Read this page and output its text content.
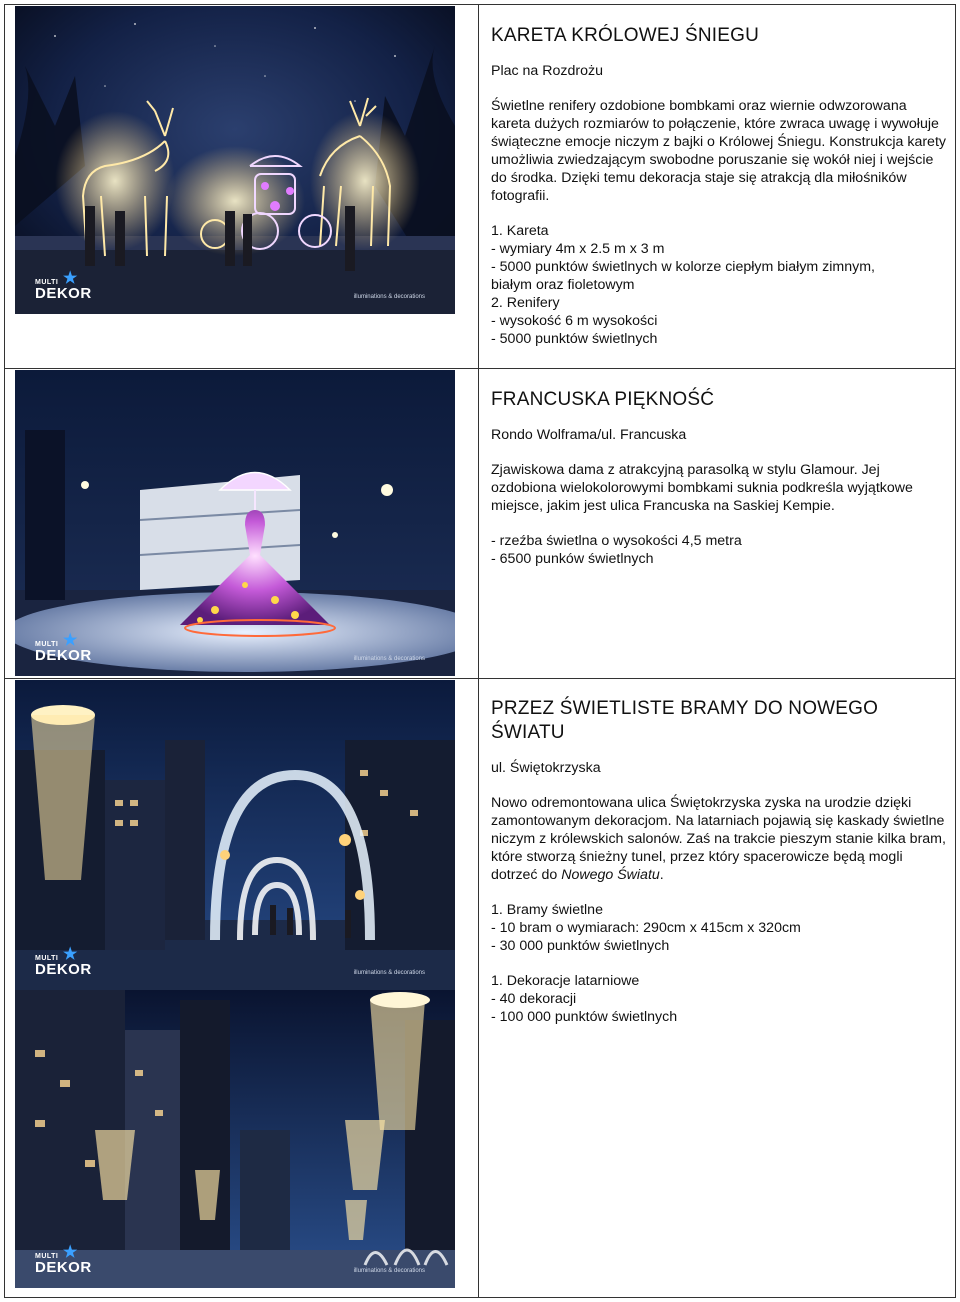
MULTI
DEKOR
★
illuminations & decorations
MULTI
DEKOR
★
illuminations & decorations
MULTI
DEKOR
★
illuminations & decorations
MULTI
DEKOR
★
illuminations & decorations
KARETA KRÓLOWEJ ŚNIEGU

Plac na Rozdrożu

Świetlne renifery ozdobione bombkami oraz wiernie odwzorowana kareta dużych rozmiarów to połączenie, które zwraca uwagę i wywołuje świąteczne emocje niczym z bajki o Królowej Śniegu. Konstrukcja karety umożliwia zwiedzającym swobodne poruszanie się wokół niej i wejście do środka. Dzięki temu dekoracja staje się atrakcją dla miłośników fotografii.

1. Kareta
- wymiary 4m x 2.5 m x 3 m
- 5000 punktów świetlnych w kolorze ciepłym białym zimnym,
białym oraz fioletowym
2. Renifery
- wysokość 6 m wysokości
- 5000 punktów świetlnych
FRANCUSKA PIĘKNOŚĆ

Rondo Wolframa/ul. Francuska

Zjawiskowa dama z atrakcyjną parasolką w stylu Glamour. Jej ozdobiona wielokolorowymi bombkami suknia podkreśla wyjątkowe miejsce, jakim jest ulica Francuska na Saskiej Kempie.

- rzeźba świetlna o wysokości 4,5 metra
- 6500 punków świetlnych
PRZEZ ŚWIETLISTE BRAMY DO NOWEGO ŚWIATU

ul. Świętokrzyska

Nowo odremontowana ulica Świętokrzyska zyska na urodzie dzięki zamontowanym dekoracjom. Na latarniach pojawią się kaskady świetlne niczym z królewskich salonów. Zaś na trakcie pieszym stanie kilka bram, które stworzą śnieżny tunel, przez który spacerowicze będą mogli dotrzeć do Nowego Światu.

1. Bramy świetlne
- 10 bram o wymiarach: 290cm x 415cm x 320cm
- 30 000 punktów świetlnych
1. Dekoracje latarniowe
- 40 dekoracji
- 100 000 punktów świetlnych
